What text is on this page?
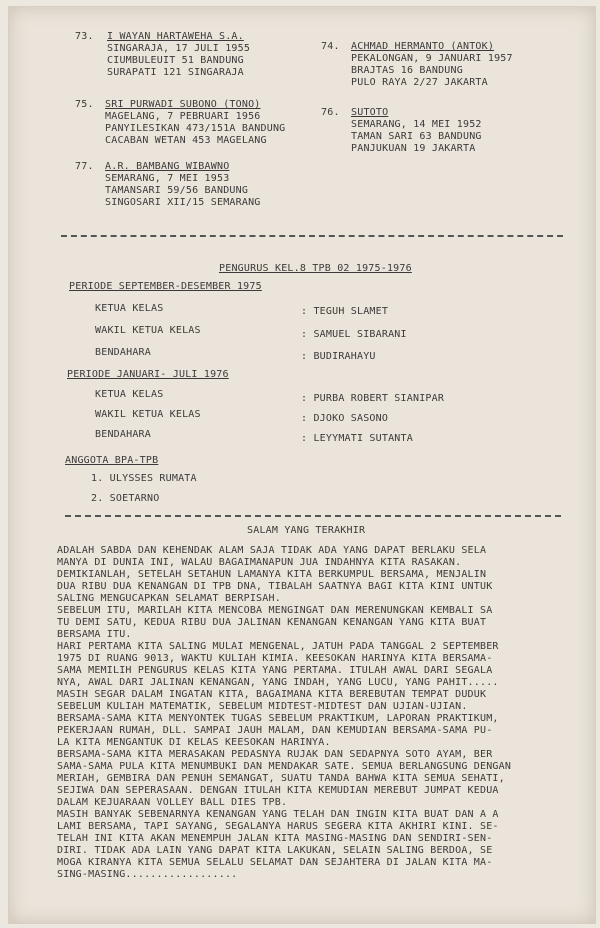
73. I WAYAN HARTAWEHA S.A.
SINGARAJA, 17 JULI 1955
CIUMBULEUIT 51 BANDUNG
SURAPATI 121 SINGARAJA
74. ACHMAD HERMANTO (ANTOK)
PEKALONGAN, 9 JANUARI 1957
BRAJTAS 16 BANDUNG
PULO RAYA 2/27 JAKARTA
75. SRI PURWADI SUBONO (TONO)
MAGELANG, 7 PEBRUARI 1956
PANYILESIKAN 473/151A BANDUNG
CACABAN WETAN 453 MAGELANG
76. SUTOTO
SEMARANG, 14 MEI 1952
TAMAN SARI 63 BANDUNG
PANJUKUAN 19 JAKARTA
77. A.R. BAMBANG WIBAWNO
SEMARANG, 7 MEI 1953
TAMANSARI 59/56 BANDUNG
SINGOSARI XII/15 SEMARANG
PENGURUS KEL.8 TPB 02 1975-1976
PERIODE SEPTEMBER-DESEMBER 1975
KETUA KELAS	: TEGUH SLAMET
WAKIL KETUA KELAS	: SAMUEL SIBARANI
BENDAHARA	: BUDIRAHAYU
PERIODE JANUARI- JULI 1976
KETUA KELAS	: PURBA ROBERT SIANIPAR
WAKIL KETUA KELAS	: DJOKO SASONO
BENDAHARA	: LEYYMATI SUTANTA
ANGGOTA BPA-TPB
1. ULYSSES RUMATA
2. SOETARNO
SALAM YANG TERAKHIR
ADALAH SABDA DAN KEHENDAK ALAM SAJA TIDAK ADA YANG DAPAT BERLAKU SELA
MANYA DI DUNIA INI, WALAU BAGAIMANAPUN JUA INDAHNYA KITA RASAKAN.
DEMIKIANLAH, SETELAH SETAHUN LAMANYA KITA BERKUMPUL BERSAMA, MENJALIN
DUA RIBU DUA KENANGAN DI TPB DNA, TIBALAH SAATNYA BAGI KITA KINI UNTUK
SALING MENGUCAPKAN SELAMAT BERPISAH.
SEBELUM ITU, MARILAH KITA MENCOBA MENGINGAT DAN MERENUNGKAN KEMBALI SA
TU DEMI SATU, KEDUA RIBU DUA JALINAN KENANGAN KENANGAN YANG KITA BUAT
BERSAMA ITU.
HARI PERTAMA KITA SALING MULAI MENGENAL, JATUH PADA TANGGAL 2 SEPTEMBER
1975 DI RUANG 9013, WAKTU KULIAH KIMIA. KEESOKAN HARINYA KITA BERSAMA-
SAMA MEMILIH PENGURUS KELAS KITA YANG PERTAMA. ITULAH AWAL DARI SEGALA
NYA, AWAL DARI JALINAN KENANGAN, YANG INDAH, YANG LUCU, YANG PAHIT.....
MASIH SEGAR DALAM INGATAN KITA, BAGAIMANA KITA BEREBUTAN TEMPAT DUDUK
SEBELUM KULIAH MATEMATIK, SEBELUM MIDTEST-MIDTEST DAN UJIAN-UJIAN.
BERSAMA-SAMA KITA MENYONTEK TUGAS SEBELUM PRAKTIKUM, LAPORAN PRAKTIKUM,
PEKERJAAN RUMAH, DLL. SAMPAI JAUH MALAM, DAN KEMUDIAN BERSAMA-SAMA PU-
LA KITA MENGANTUK DI KELAS KEESOKAN HARINYA.
BERSAMA-SAMA KITA MERASAKAN PEDASNYA RUJAK DAN SEDAPNYA SOTO AYAM, BER
SAMA-SAMA PULA KITA MENUMBUKI DAN MENDAKAR SATE. SEMUA BERLANGSUNG DENGAN
MERIAH, GEMBIRA DAN PENUH SEMANGAT, SUATU TANDA BAHWA KITA SEMUA SEHATI,
SEJIWA DAN SEPERASAAN. DENGAN ITULAH KITA KEMUDIAN MEREBUT JUMPAT KEDUA
DALAM KEJUARAAN VOLLEY BALL DIES TPB.
MASIH BANYAK SEBENARNYA KENANGAN YANG TELAH DAN INGIN KITA BUAT DAN A A
LAMI BERSAMA, TAPI SAYANG, SEGALANYA HARUS SEGERA KITA AKHIRI KINI. SE-
TELAH INI KITA AKAN MENEMPUH JALAN KITA MASING-MASING DAN SENDIRI-SEN-
DIRI. TIDAK ADA LAIN YANG DAPAT KITA LAKUKAN, SELAIN SALING BERDOA, SE
MOGA KIRANYA KITA SEMUA SELALU SELAMAT DAN SEJAHTERA DI JALAN KITA MA-
SING-MASING..................
